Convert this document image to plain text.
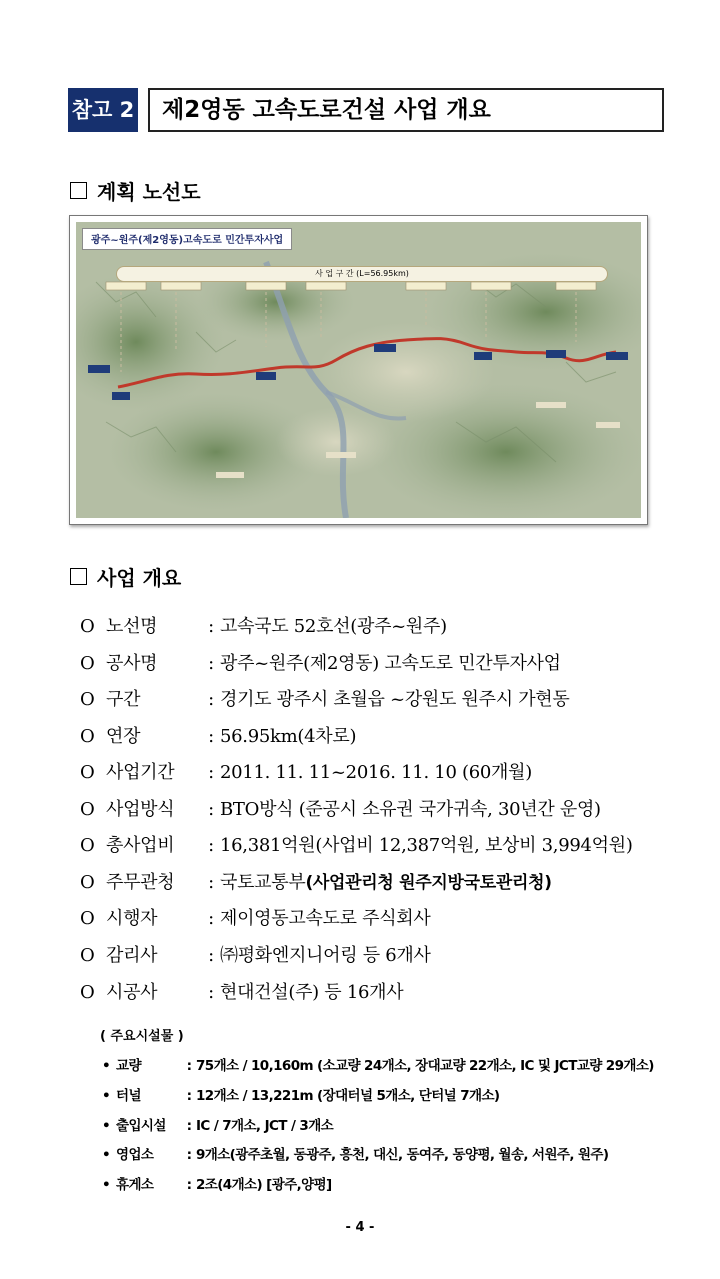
참고 2	제2영동 고속도로건설 사업 개요
계획 노선도
광주~원주(제2영동)고속도로 민간투자사업
사 업 구 간 (L=56.95km)
사업 개요
O 노선명	: 고속국도 52호선(광주~원주)
O 공사명	: 광주~원주(제2영동) 고속도로 민간투자사업
O 구간	: 경기도 광주시 초월읍 ~강원도 원주시 가현동
O 연장	: 56.95km(4차로)
O 사업기간 : 2011. 11. 11~2016. 11. 10 (60개월)
O 사업방식 : BTO방식 (준공시 소유권 국가귀속, 30년간 운영)
O 총사업비 : 16,381억원(사업비 12,387억원, 보상비 3,994억원)
O 주무관청 : 국토교통부(사업관리청 원주지방국토관리청)
O 시행자	: 제이영동고속도로 주식회사
O 감리사	: ㈜평화엔지니어링 등 6개사
O 시공사	: 현대건설(주) 등 16개사
( 주요시설물 )
• 교량	: 75개소 / 10,160m (소교량 24개소, 장대교량 22개소, IC 및 JCT교량 29개소)
• 터널	: 12개소 / 13,221m (장대터널 5개소, 단터널 7개소)
• 출입시설 : IC / 7개소, JCT / 3개소
• 영업소 : 9개소(광주초월, 동광주, 흥천, 대신, 동여주, 동양평, 월송, 서원주, 원주)
• 휴게소 : 2조(4개소) [광주,양평]
- 4 -
